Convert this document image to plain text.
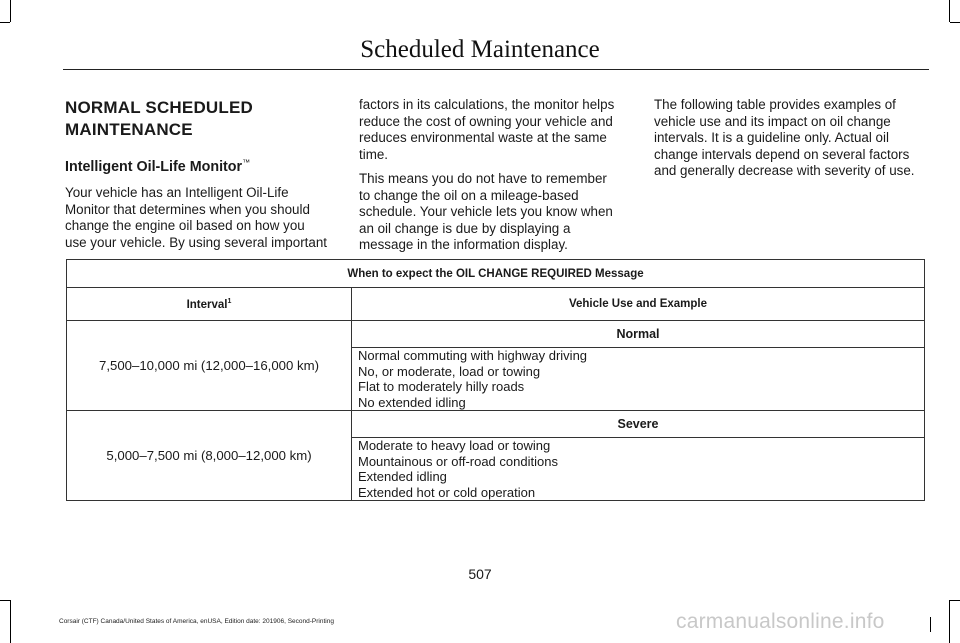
Scheduled Maintenance
NORMAL SCHEDULED MAINTENANCE
Intelligent Oil-Life Monitor™

Your vehicle has an Intelligent Oil-Life Monitor that determines when you should change the engine oil based on how you use your vehicle. By using several important

factors in its calculations, the monitor helps reduce the cost of owning your vehicle and reduces environmental waste at the same time.

This means you do not have to remember to change the oil on a mileage-based schedule. Your vehicle lets you know when an oil change is due by displaying a message in the information display.

The following table provides examples of vehicle use and its impact on oil change intervals. It is a guideline only. Actual oil change intervals depend on several factors and generally decrease with severity of use.

When to expect the OIL CHANGE REQUIRED Message	
Interval$^1$	Vehicle Use and Example
7,500–10,000 mi (12,000–16,000 km)	Normal

	Normal commuting with highway driving
No, or moderate, load or towing
Flat to moderately hilly roads
No extended idling

5,000–7,500 mi (8,000–12,000 km)	Severe

	Moderate to heavy load or towing
Mountainous or off-road conditions
Extended idling
Extended hot or cold operation
507
Corsair (CTF) Canada/United States of America, enUSA, Edition date: 201906, Second-Printing	carmanualsonline.info
